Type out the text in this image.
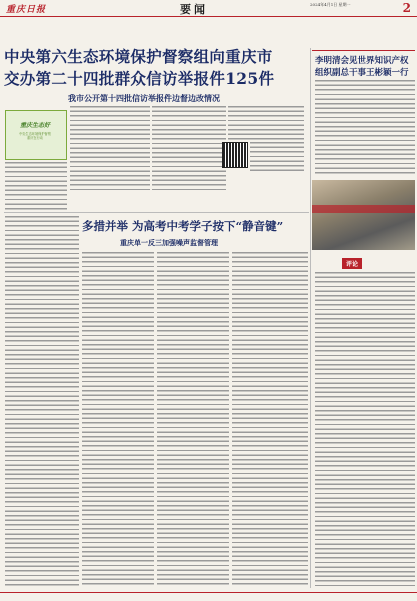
重庆日报	要闻	2024年4月1日 星期一	2
中央第六生态环境保护督察组向重庆市
交办第二十四批群众信访举报件125件
我市公开第十四批信访举报件边督边改情况
重庆生态好
中央生态环境保护督察
重庆在行动
李明清会见世界知识产权
组织副总干事王彬颖一行
评论
多措并举 为高考中考学子按下“静音键”
重庆单一反三加强噪声监督管理
